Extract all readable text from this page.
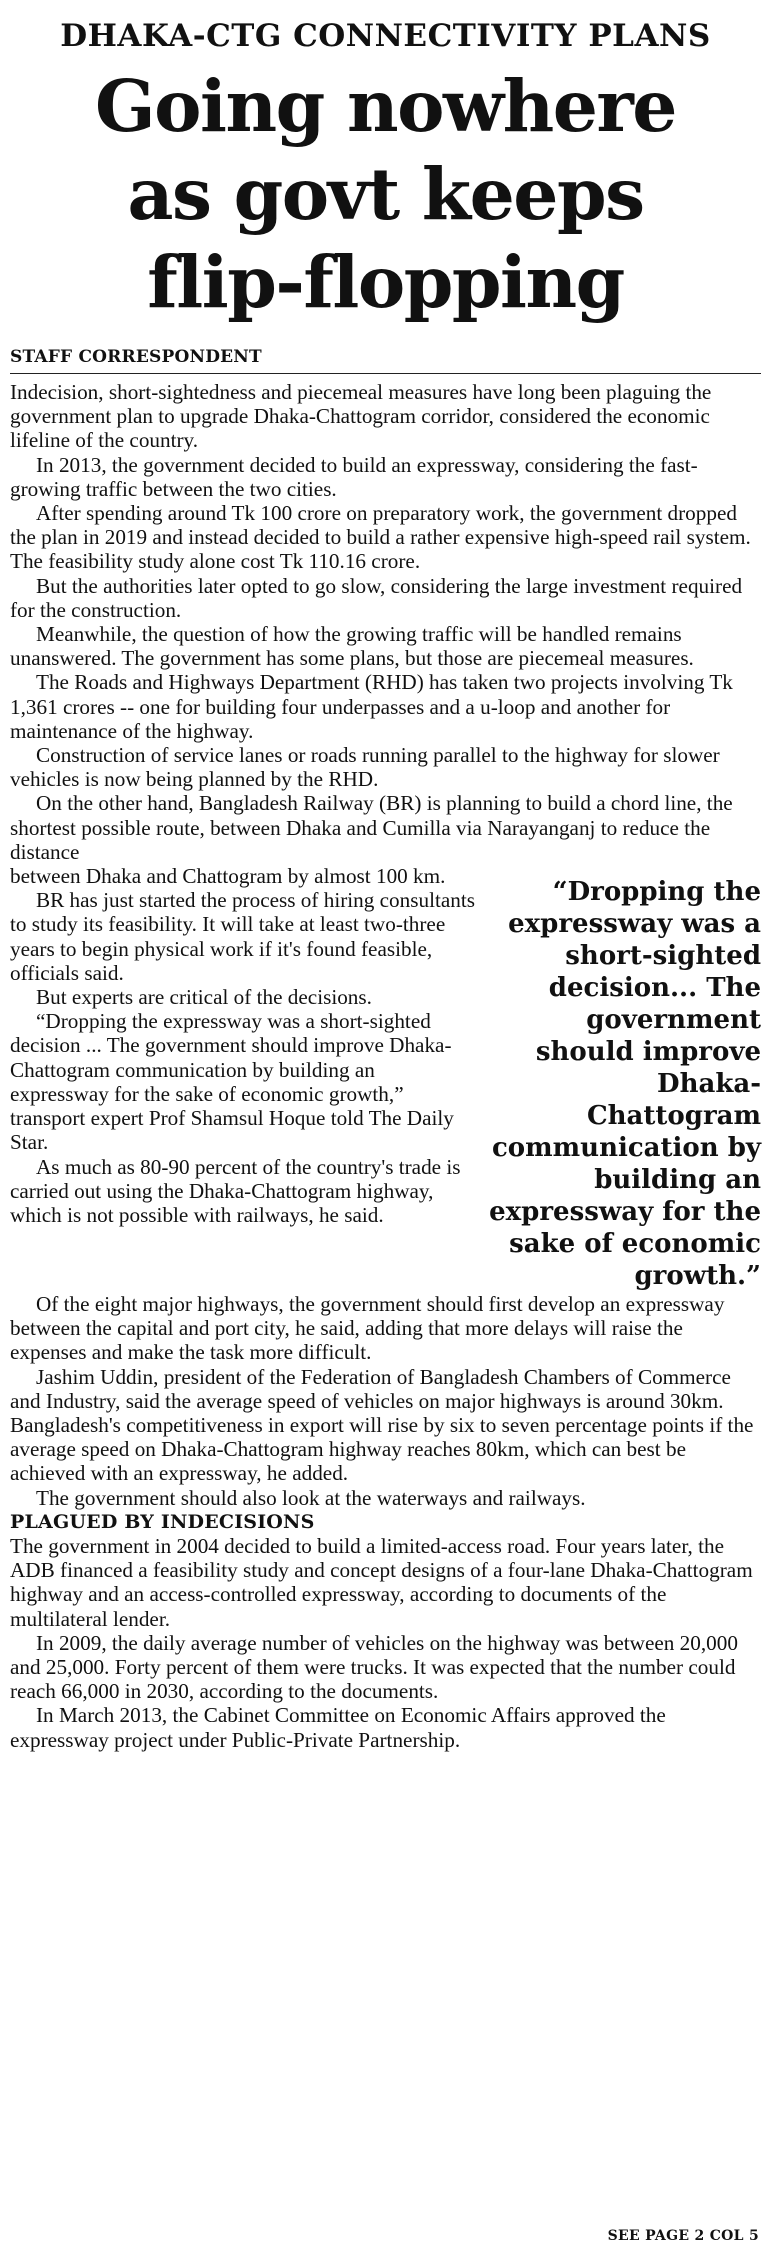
DHAKA-CTG CONNECTIVITY PLANS
Going nowhere
as govt keeps
flip-flopping
STAFF CORRESPONDENT

Indecision, short-sightedness and piecemeal measures have long been plaguing the government plan to upgrade Dhaka-Chattogram corridor, considered the economic lifeline of the country.

In 2013, the government decided to build an expressway, considering the fast-growing traffic between the two cities.

After spending around Tk 100 crore on preparatory work, the government dropped the plan in 2019 and instead decided to build a rather expensive high-speed rail system. The feasibility study alone cost Tk 110.16 crore.

But the authorities later opted to go slow, considering the large investment required for the construction.

Meanwhile, the question of how the growing traffic will be handled remains unanswered. The government has some plans, but those are piecemeal measures.

The Roads and Highways Department (RHD) has taken two projects involving Tk 1,361 crores -- one for building four underpasses and a u-loop and another for maintenance of the highway.

Construction of service lanes or roads running parallel to the highway for slower vehicles is now being planned by the RHD.

On the other hand, Bangladesh Railway (BR) is planning to build a chord line, the shortest possible route, between Dhaka and Cumilla via Narayanganj to reduce the distance

between Dhaka and Chattogram by almost 100 km.

BR has just started the process of hiring consultants to study its feasibility. It will take at least two-three years to begin physical work if it's found feasible, officials said.

But experts are critical of the decisions.

“Dropping the expressway was a short-sighted decision ... The government should improve Dhaka-Chattogram communication by building an expressway for the sake of economic growth,” transport expert Prof Shamsul Hoque told The Daily Star.

As much as 80-90 percent of the country's trade is carried out using the Dhaka-Chattogram highway, which is not possible with railways, he said.

“Dropping the expressway was a short-sighted decision... The government should improve Dhaka-Chattogram communication by building an expressway for the sake of economic growth.”

Of the eight major highways, the government should first develop an expressway between the capital and port city, he said, adding that more delays will raise the expenses and make the task more difficult.

Jashim Uddin, president of the Federation of Bangladesh Chambers of Commerce and Industry, said the average speed of vehicles on major highways is around 30km. Bangladesh's competitiveness in export will rise by six to seven percentage points if the average speed on Dhaka-Chattogram highway reaches 80km, which can best be achieved with an expressway, he added.

The government should also look at the waterways and railways.

PLAGUED BY INDECISIONS

The government in 2004 decided to build a limited-access road. Four years later, the ADB financed a feasibility study and concept designs of a four-lane Dhaka-Chattogram highway and an access-controlled expressway, according to documents of the multilateral lender.

In 2009, the daily average number of vehicles on the highway was between 20,000 and 25,000. Forty percent of them were trucks. It was expected that the number could reach 66,000 in 2030, according to the documents.

In March 2013, the Cabinet Committee on Economic Affairs approved the expressway project under Public-Private Partnership.

SEE PAGE 2 COL 5
